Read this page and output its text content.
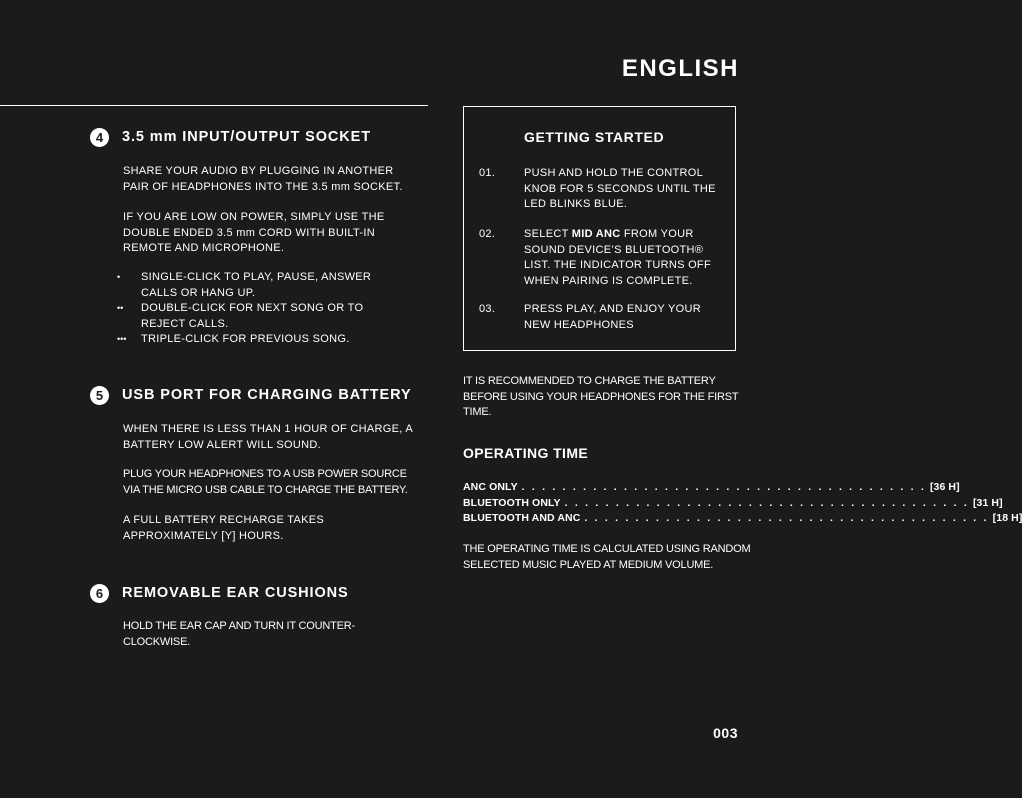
ENGLISH
4	3.5 mm INPUT/OUTPUT SOCKET

SHARE YOUR AUDIO BY PLUGGING IN ANOTHER PAIR OF HEADPHONES INTO THE 3.5 mm SOCKET.

IF YOU ARE LOW ON POWER, SIMPLY USE THE DOUBLE ENDED 3.5 mm CORD WITH BUILT-IN REMOTE AND MICROPHONE.

•	SINGLE-CLICK TO PLAY, PAUSE, ANSWER CALLS OR HANG UP.
••	DOUBLE-CLICK FOR NEXT SONG OR TO REJECT CALLS.
•••	TRIPLE-CLICK FOR PREVIOUS SONG.
5	USB PORT FOR CHARGING BATTERY

WHEN THERE IS LESS THAN 1 HOUR OF CHARGE, A BATTERY LOW ALERT WILL SOUND.

PLUG YOUR HEADPHONES TO A USB POWER SOURCE VIA THE MICRO USB CABLE TO CHARGE THE BATTERY.

A FULL BATTERY RECHARGE TAKES APPROXIMATELY [Y] HOURS.

6	REMOVABLE EAR CUSHIONS

HOLD THE EAR CAP AND TURN IT COUNTER-CLOCKWISE.

GETTING STARTED
01.	PUSH AND HOLD THE CONTROL KNOB FOR 5 SECONDS UNTIL THE LED BLINKS BLUE.
02.	SELECT MID ANC FROM YOUR SOUND DEVICE’S BLUETOOTH® LIST. THE INDICATOR TURNS OFF WHEN PAIRING IS COMPLETE.
03.	PRESS PLAY, AND ENJOY YOUR NEW HEADPHONES

IT IS RECOMMENDED TO CHARGE THE BATTERY BEFORE USING YOUR HEADPHONES FOR THE FIRST TIME.

OPERATING TIME
ANC ONLY . . . . . . . . . . . . . . . . . . . . . . . . . . . . . . . . . . . . . . . . [36 H]
BLUETOOTH ONLY . . . . . . . . . . . . . . . . . . . . . . . . . . . . . . . . . . . . . . . . [31 H]
BLUETOOTH AND ANC . . . . . . . . . . . . . . . . . . . . . . . . . . . . . . . . . . . . . . . . [18 H]

THE OPERATING TIME IS CALCULATED USING RANDOM SELECTED MUSIC PLAYED AT MEDIUM VOLUME.

003
